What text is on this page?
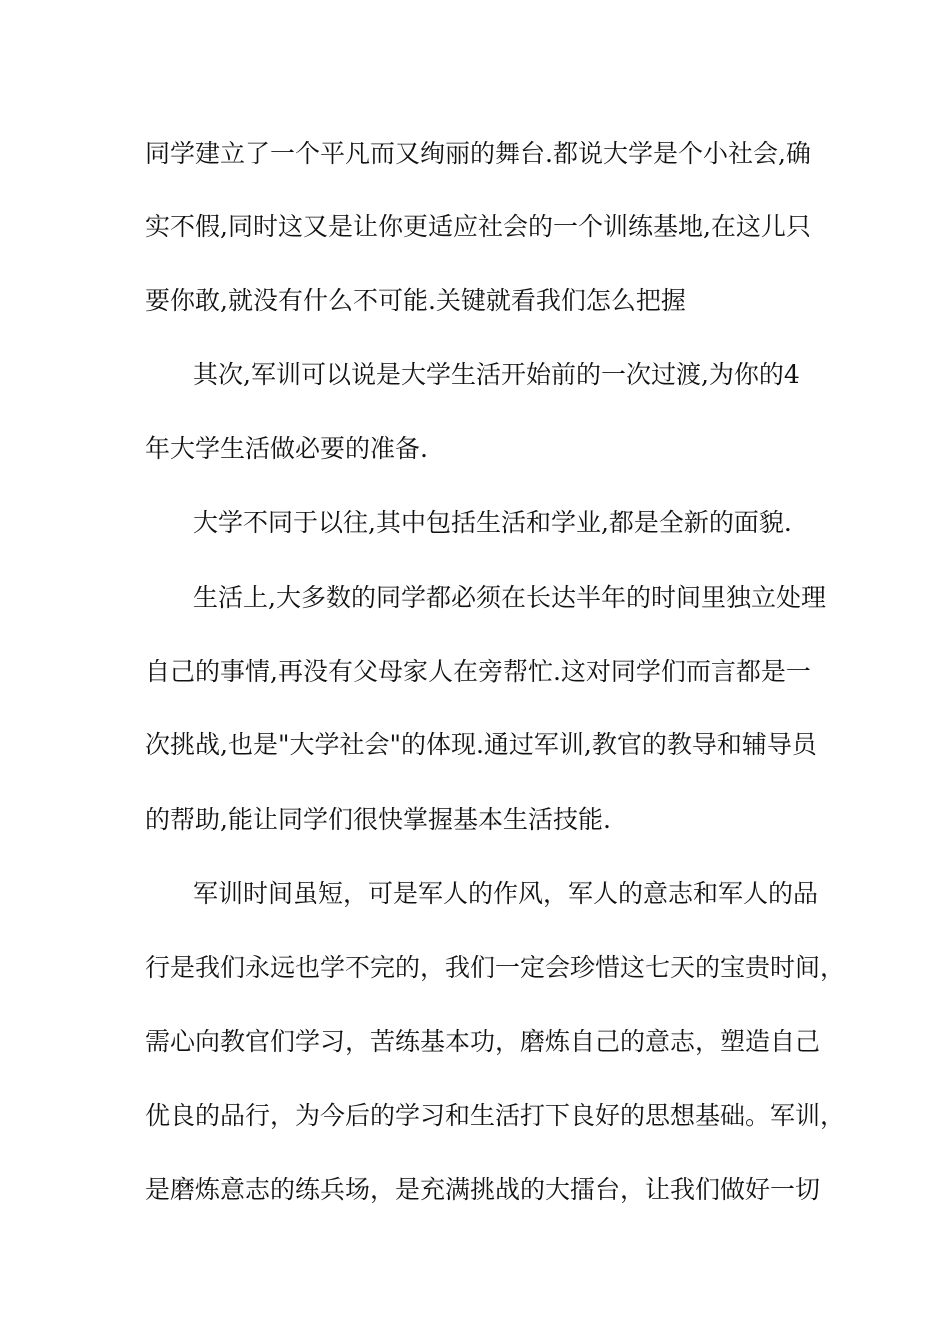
同学建立了一个平凡而又绚丽的舞台.都说大学是个小社会,确
实不假,同时这又是让你更适应社会的一个训练基地,在这儿只
要你敢,就没有什么不可能.关键就看我们怎么把握
其次,军训可以说是大学生活开始前的一次过渡,为你的4
年大学生活做必要的准备.
大学不同于以往,其中包括生活和学业,都是全新的面貌.
生活上,大多数的同学都必须在长达半年的时间里独立处理
自己的事情,再没有父母家人在旁帮忙.这对同学们而言都是一
次挑战,也是"大学社会"的体现.通过军训,教官的教导和辅导员
的帮助,能让同学们很快掌握基本生活技能.
军训时间虽短，可是军人的作风，军人的意志和军人的品
行是我们永远也学不完的，我们一定会珍惜这七天的宝贵时间，
需心向教官们学习，苦练基本功，磨炼自己的意志，塑造自己
优良的品行，为今后的学习和生活打下良好的思想基础。军训，
是磨炼意志的练兵场，是充满挑战的大擂台，让我们做好一切
